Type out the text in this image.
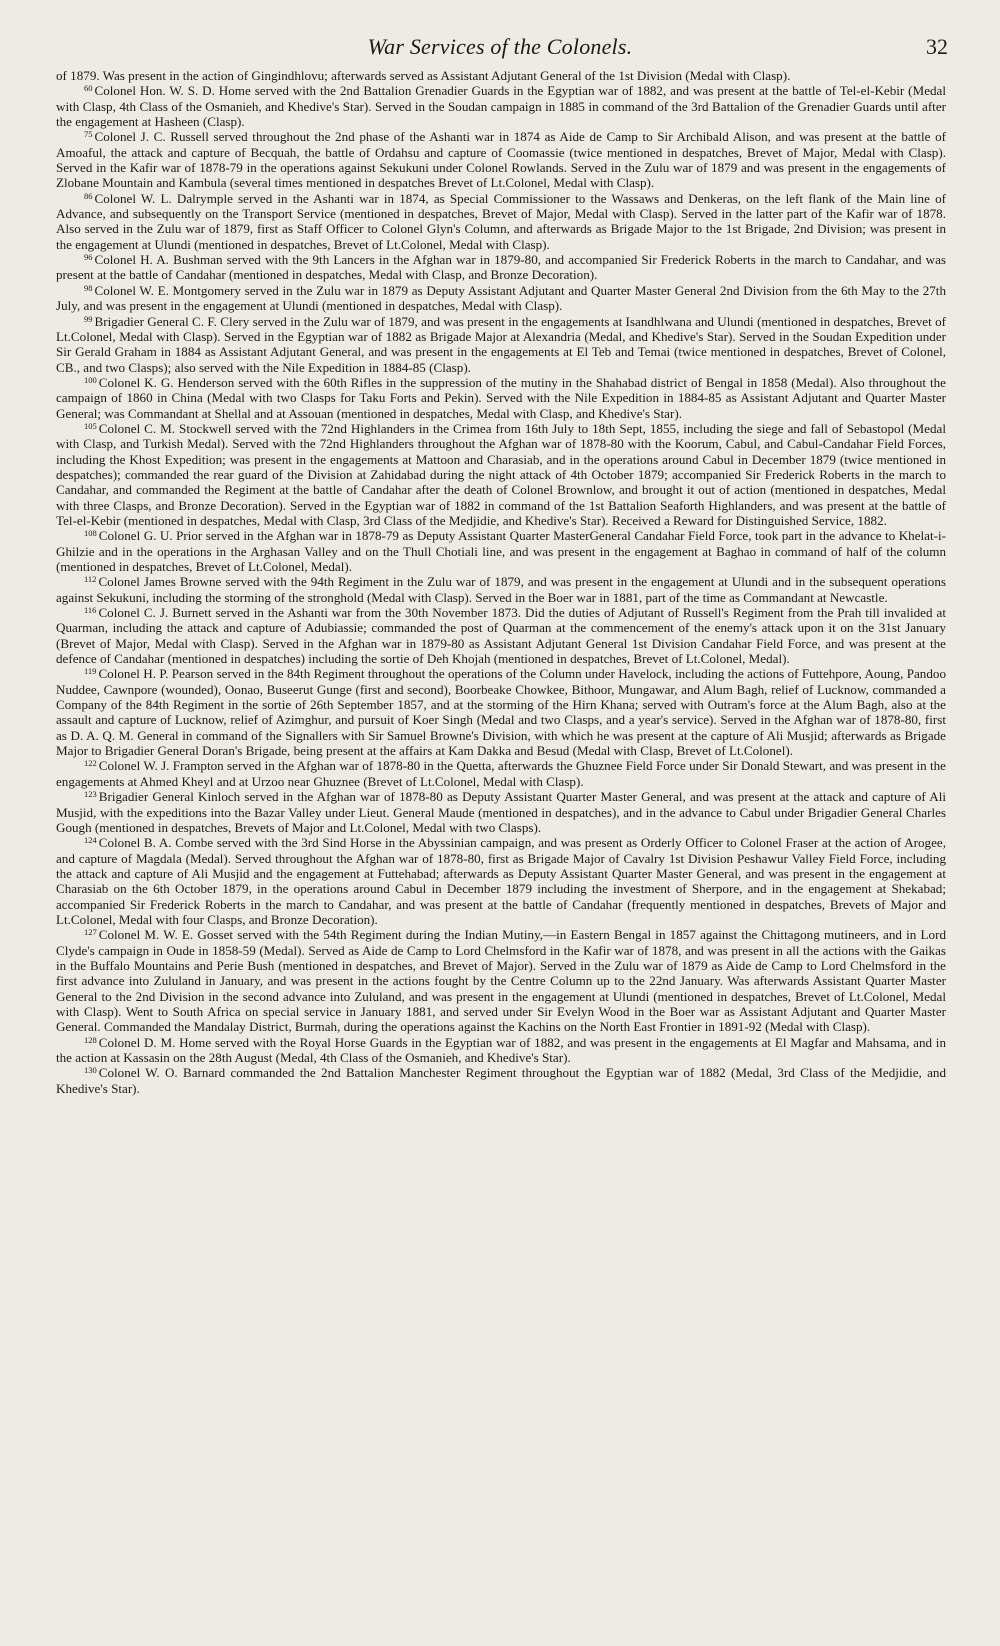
War Services of the Colonels.	32

of 1879. Was present in the action of Gingindhlovu; afterwards served as Assistant Adjutant General of the 1st Division (Medal with Clasp).

$^{60}$ Colonel Hon. W. S. D. Home served with the 2nd Battalion Grenadier Guards in the Egyptian war of 1882, and was present at the battle of Tel-el-Kebir (Medal with Clasp, 4th Class of the Osmanieh, and Khedive's Star). Served in the Soudan campaign in 1885 in command of the 3rd Battalion of the Grenadier Guards until after the engagement at Hasheen (Clasp).

$^{75}$ Colonel J. C. Russell served throughout the 2nd phase of the Ashanti war in 1874 as Aide de Camp to Sir Archibald Alison, and was present at the battle of Amoaful, the attack and capture of Becquah, the battle of Ordahsu and capture of Coomassie (twice mentioned in despatches, Brevet of Major, Medal with Clasp). Served in the Kafir war of 1878-79 in the operations against Sekukuni under Colonel Rowlands. Served in the Zulu war of 1879 and was present in the engagements of Zlobane Mountain and Kambula (several times mentioned in despatches Brevet of Lt.Colonel, Medal with Clasp).

$^{86}$ Colonel W. L. Dalrymple served in the Ashanti war in 1874, as Special Commissioner to the Wassaws and Denkeras, on the left flank of the Main line of Advance, and subsequently on the Transport Service (mentioned in despatches, Brevet of Major, Medal with Clasp). Served in the latter part of the Kafir war of 1878. Also served in the Zulu war of 1879, first as Staff Officer to Colonel Glyn's Column, and afterwards as Brigade Major to the 1st Brigade, 2nd Division; was present in the engagement at Ulundi (mentioned in despatches, Brevet of Lt.Colonel, Medal with Clasp).

$^{96}$ Colonel H. A. Bushman served with the 9th Lancers in the Afghan war in 1879-80, and accompanied Sir Frederick Roberts in the march to Candahar, and was present at the battle of Candahar (mentioned in despatches, Medal with Clasp, and Bronze Decoration).

$^{98}$ Colonel W. E. Montgomery served in the Zulu war in 1879 as Deputy Assistant Adjutant and Quarter Master General 2nd Division from the 6th May to the 27th July, and was present in the engagement at Ulundi (mentioned in despatches, Medal with Clasp).

$^{99}$ Brigadier General C. F. Clery served in the Zulu war of 1879, and was present in the engagements at Isandhlwana and Ulundi (mentioned in despatches, Brevet of Lt.Colonel, Medal with Clasp). Served in the Egyptian war of 1882 as Brigade Major at Alexandria (Medal, and Khedive's Star). Served in the Soudan Expedition under Sir Gerald Graham in 1884 as Assistant Adjutant General, and was present in the engagements at El Teb and Temai (twice mentioned in despatches, Brevet of Colonel, CB., and two Clasps); also served with the Nile Expedition in 1884-85 (Clasp).

$^{100}$ Colonel K. G. Henderson served with the 60th Rifles in the suppression of the mutiny in the Shahabad district of Bengal in 1858 (Medal). Also throughout the campaign of 1860 in China (Medal with two Clasps for Taku Forts and Pekin). Served with the Nile Expedition in 1884-85 as Assistant Adjutant and Quarter Master General; was Commandant at Shellal and at Assouan (mentioned in despatches, Medal with Clasp, and Khedive's Star).

$^{105}$ Colonel C. M. Stockwell served with the 72nd Highlanders in the Crimea from 16th July to 18th Sept, 1855, including the siege and fall of Sebastopol (Medal with Clasp, and Turkish Medal). Served with the 72nd Highlanders throughout the Afghan war of 1878-80 with the Koorum, Cabul, and Cabul-Candahar Field Forces, including the Khost Expedition; was present in the engagements at Mattoon and Charasiab, and in the operations around Cabul in December 1879 (twice mentioned in despatches); commanded the rear guard of the Division at Zahidabad during the night attack of 4th October 1879; accompanied Sir Frederick Roberts in the march to Candahar, and commanded the Regiment at the battle of Candahar after the death of Colonel Brownlow, and brought it out of action (mentioned in despatches, Medal with three Clasps, and Bronze Decoration). Served in the Egyptian war of 1882 in command of the 1st Battalion Seaforth Highlanders, and was present at the battle of Tel-el-Kebir (mentioned in despatches, Medal with Clasp, 3rd Class of the Medjidie, and Khedive's Star). Received a Reward for Distinguished Service, 1882.

$^{108}$ Colonel G. U. Prior served in the Afghan war in 1878-79 as Deputy Assistant Quarter MasterGeneral Candahar Field Force, took part in the advance to Khelat-i-Ghilzie and in the operations in the Arghasan Valley and on the Thull Chotiali line, and was present in the engagement at Baghao in command of half of the column (mentioned in despatches, Brevet of Lt.Colonel, Medal).

$^{112}$ Colonel James Browne served with the 94th Regiment in the Zulu war of 1879, and was present in the engagement at Ulundi and in the subsequent operations against Sekukuni, including the storming of the stronghold (Medal with Clasp). Served in the Boer war in 1881, part of the time as Commandant at Newcastle.

$^{116}$ Colonel C. J. Burnett served in the Ashanti war from the 30th November 1873. Did the duties of Adjutant of Russell's Regiment from the Prah till invalided at Quarman, including the attack and capture of Adubiassie; commanded the post of Quarman at the commencement of the enemy's attack upon it on the 31st January (Brevet of Major, Medal with Clasp). Served in the Afghan war in 1879-80 as Assistant Adjutant General 1st Division Candahar Field Force, and was present at the defence of Candahar (mentioned in despatches) including the sortie of Deh Khojah (mentioned in despatches, Brevet of Lt.Colonel, Medal).

$^{119}$ Colonel H. P. Pearson served in the 84th Regiment throughout the operations of the Column under Havelock, including the actions of Futtehpore, Aoung, Pandoo Nuddee, Cawnpore (wounded), Oonao, Buseerut Gunge (first and second), Boorbeake Chowkee, Bithoor, Mungawar, and Alum Bagh, relief of Lucknow, commanded a Company of the 84th Regiment in the sortie of 26th September 1857, and at the storming of the Hirn Khana; served with Outram's force at the Alum Bagh, also at the assault and capture of Lucknow, relief of Azimghur, and pursuit of Koer Singh (Medal and two Clasps, and a year's service). Served in the Afghan war of 1878-80, first as D. A. Q. M. General in command of the Signallers with Sir Samuel Browne's Division, with which he was present at the capture of Ali Musjid; afterwards as Brigade Major to Brigadier General Doran's Brigade, being present at the affairs at Kam Dakka and Besud (Medal with Clasp, Brevet of Lt.Colonel).

$^{122}$ Colonel W. J. Frampton served in the Afghan war of 1878-80 in the Quetta, afterwards the Ghuznee Field Force under Sir Donald Stewart, and was present in the engagements at Ahmed Kheyl and at Urzoo near Ghuznee (Brevet of Lt.Colonel, Medal with Clasp).

$^{123}$ Brigadier General Kinloch served in the Afghan war of 1878-80 as Deputy Assistant Quarter Master General, and was present at the attack and capture of Ali Musjid, with the expeditions into the Bazar Valley under Lieut. General Maude (mentioned in despatches), and in the advance to Cabul under Brigadier General Charles Gough (mentioned in despatches, Brevets of Major and Lt.Colonel, Medal with two Clasps).

$^{124}$ Colonel B. A. Combe served with the 3rd Sind Horse in the Abyssinian campaign, and was present as Orderly Officer to Colonel Fraser at the action of Arogee, and capture of Magdala (Medal). Served throughout the Afghan war of 1878-80, first as Brigade Major of Cavalry 1st Division Peshawur Valley Field Force, including the attack and capture of Ali Musjid and the engagement at Futtehabad; afterwards as Deputy Assistant Quarter Master General, and was present in the engagement at Charasiab on the 6th October 1879, in the operations around Cabul in December 1879 including the investment of Sherpore, and in the engagement at Shekabad; accompanied Sir Frederick Roberts in the march to Candahar, and was present at the battle of Candahar (frequently mentioned in despatches, Brevets of Major and Lt.Colonel, Medal with four Clasps, and Bronze Decoration).

$^{127}$ Colonel M. W. E. Gosset served with the 54th Regiment during the Indian Mutiny,—in Eastern Bengal in 1857 against the Chittagong mutineers, and in Lord Clyde's campaign in Oude in 1858-59 (Medal). Served as Aide de Camp to Lord Chelmsford in the Kafir war of 1878, and was present in all the actions with the Gaikas in the Buffalo Mountains and Perie Bush (mentioned in despatches, and Brevet of Major). Served in the Zulu war of 1879 as Aide de Camp to Lord Chelmsford in the first advance into Zululand in January, and was present in the actions fought by the Centre Column up to the 22nd January. Was afterwards Assistant Quarter Master General to the 2nd Division in the second advance into Zululand, and was present in the engagement at Ulundi (mentioned in despatches, Brevet of Lt.Colonel, Medal with Clasp). Went to South Africa on special service in January 1881, and served under Sir Evelyn Wood in the Boer war as Assistant Adjutant and Quarter Master General. Commanded the Mandalay District, Burmah, during the operations against the Kachins on the North East Frontier in 1891-92 (Medal with Clasp).

$^{128}$ Colonel D. M. Home served with the Royal Horse Guards in the Egyptian war of 1882, and was present in the engagements at El Magfar and Mahsama, and in the action at Kassasin on the 28th August (Medal, 4th Class of the Osmanieh, and Khedive's Star).

$^{130}$ Colonel W. O. Barnard commanded the 2nd Battalion Manchester Regiment throughout the Egyptian war of 1882 (Medal, 3rd Class of the Medjidie, and Khedive's Star).
